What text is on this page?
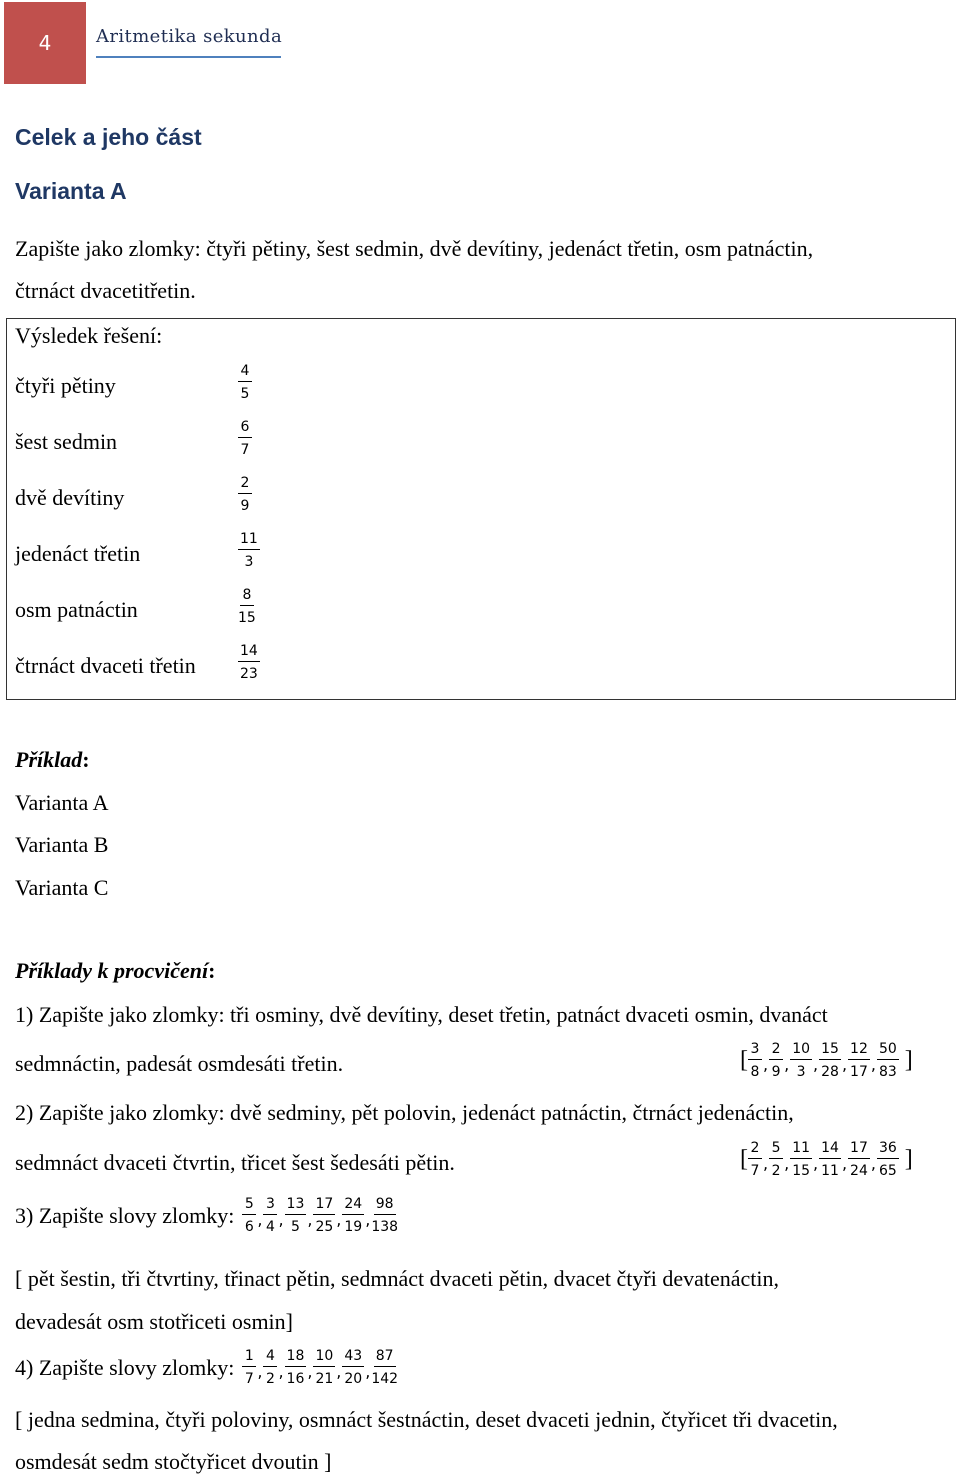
4 Aritmetika sekunda
Celek a jeho část
Varianta A
Zapište jako zlomky: čtyři pětiny, šest sedmin, dvě devítiny, jedenáct třetin, osm patnáctin,
čtrnáct dvacetitřetin.
Výsledek řešení:
čtyři pětiny	$\frac{4}{5}$
šest sedmin	$\frac{6}{7}$
dvě devítiny	$\frac{2}{9}$
jedenáct třetin	$\frac{11}{3}$
osm patnáctin	$\frac{8}{15}$
čtrnáct dvaceti třetin	$\frac{14}{23}$
Příklad:
Varianta A
Varianta B
Varianta C
Příklady k procvičení:
1) Zapište jako zlomky: tři osminy, dvě devítiny, deset třetin, patnáct dvaceti osmin, dvanáct
sedmnáctin, padesát osmdesáti třetin.	[ $\frac{3}{8}$ , $\frac{2}{9}$ , $\frac{10}{3}$ , $\frac{15}{28}$ , $\frac{12}{17}$ , $\frac{50}{83}$ ]
2) Zapište jako zlomky: dvě sedminy, pět polovin, jedenáct patnáctin, čtrnáct jedenáctin,
sedmnáct dvaceti čtvrtin, třicet šest šedesáti pětin.	[ $\frac{2}{7}$ , $\frac{5}{2}$ , $\frac{11}{15}$ , $\frac{14}{11}$ , $\frac{17}{24}$ , $\frac{36}{65}$ ]
3) Zapište slovy zlomky: $\frac{5}{6}$ , $\frac{3}{4}$ , $\frac{13}{5}$ , $\frac{17}{25}$ , $\frac{24}{19}$ , $\frac{98}{138}$
[ pět šestin, tři čtvrtiny, třinact pětin, sedmnáct dvaceti pětin, dvacet čtyři devatenáctin,
devadesát osm stotřiceti osmin]
4) Zapište slovy zlomky: $\frac{1}{7}$ , $\frac{4}{2}$ , $\frac{18}{16}$ , $\frac{10}{21}$ , $\frac{43}{20}$ , $\frac{87}{142}$
[ jedna sedmina, čtyři poloviny, osmnáct šestnáctin, deset dvaceti jednin, čtyřicet tři dvacetin,
osmdesát sedm stočtyřicet dvoutin ]
